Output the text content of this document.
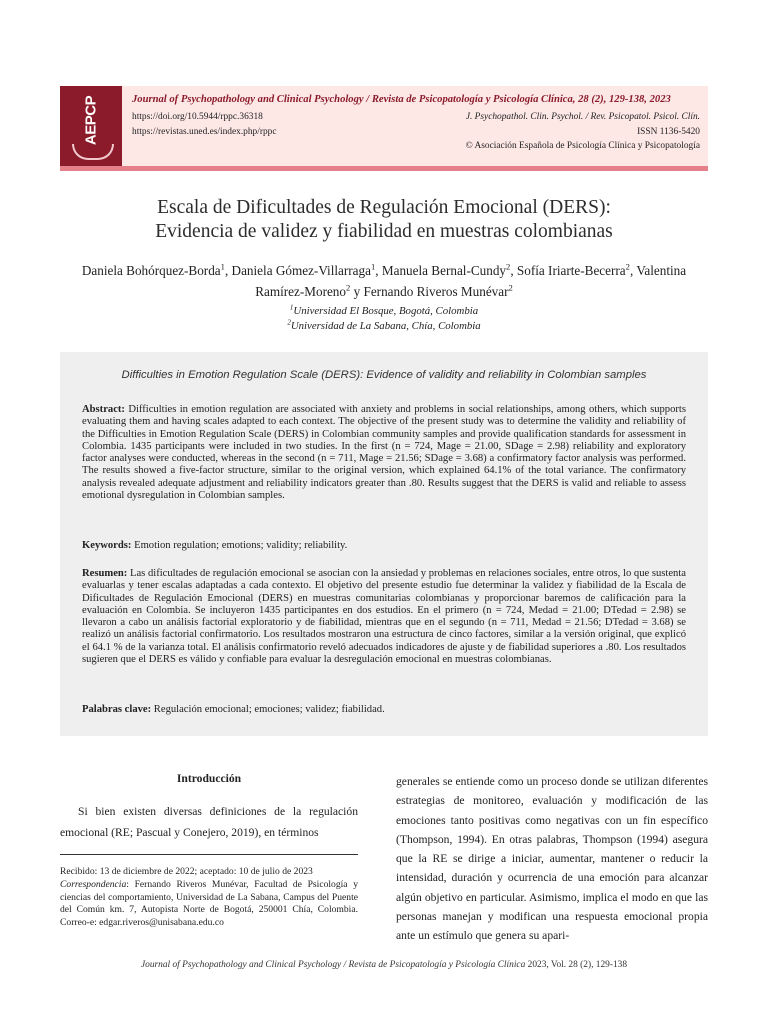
AEPCP	Journal of Psychopathology and Clinical Psychology / Revista de Psicopatología y Psicología Clínica, 28 (2), 129-138, 2023
https://doi.org/10.5944/rppc.36318
https://revistas.uned.es/index.php/rppc
J. Psychopathol. Clin. Psychol. / Rev. Psicopatol. Psicol. Clín.
ISSN 1136-5420
© Asociación Española de Psicología Clínica y Psicopatología
Escala de Dificultades de Regulación Emocional (DERS):
Evidencia de validez y fiabilidad en muestras colombianas
Daniela Bohórquez-Borda$^1$, Daniela Gómez-Villarraga$^1$, Manuela Bernal-Cundy$^2$, Sofía Iriarte-Becerra$^2$, Valentina Ramírez-Moreno$^2$ y Fernando Riveros Munévar$^2$
$^1$Universidad El Bosque, Bogotá, Colombia
$^2$Universidad de La Sabana, Chía, Colombia
Difficulties in Emotion Regulation Scale (DERS): Evidence of validity and reliability in Colombian samples
Abstract: Difficulties in emotion regulation are associated with anxiety and problems in social relationships, among others, which supports evaluating them and having scales adapted to each context. The objective of the present study was to determine the validity and reliability of the Difficulties in Emotion Regulation Scale (DERS) in Colombian community samples and provide qualification standards for assessment in Colombia. 1435 participants were included in two studies. In the first (n = 724, Mage = 21.00, SDage = 2.98) reliability and exploratory factor analyses were conducted, whereas in the second (n = 711, Mage = 21.56; SDage = 3.68) a confirmatory factor analysis was performed. The results showed a five-factor structure, similar to the original version, which explained 64.1% of the total variance. The confirmatory analysis revealed adequate adjustment and reliability indicators greater than .80. Results suggest that the DERS is valid and reliable to assess emotional dysregulation in Colombian samples.
Keywords: Emotion regulation; emotions; validity; reliability.
Resumen: Las dificultades de regulación emocional se asocian con la ansiedad y problemas en relaciones sociales, entre otros, lo que sustenta evaluarlas y tener escalas adaptadas a cada contexto. El objetivo del presente estudio fue determinar la validez y fiabilidad de la Escala de Dificultades de Regulación Emocional (DERS) en muestras comunitarias colombianas y proporcionar baremos de calificación para la evaluación en Colombia. Se incluyeron 1435 participantes en dos estudios. En el primero (n = 724, Medad = 21.00; DTedad = 2.98) se llevaron a cabo un análisis factorial exploratorio y de fiabilidad, mientras que en el segundo (n = 711, Medad = 21.56; DTedad = 3.68) se realizó un análisis factorial confirmatorio. Los resultados mostraron una estructura de cinco factores, similar a la versión original, que explicó el 64.1 % de la varianza total. El análisis confirmatorio reveló adecuados indicadores de ajuste y de fiabilidad superiores a .80. Los resultados sugieren que el DERS es válido y confiable para evaluar la desregulación emocional en muestras colombianas.
Palabras clave: Regulación emocional; emociones; validez; fiabilidad.
Introducción
Si bien existen diversas definiciones de la regulación emocional (RE; Pascual y Conejero, 2019), en términos
Recibido: 13 de diciembre de 2022; aceptado: 10 de julio de 2023
Correspondencia: Fernando Riveros Munévar, Facultad de Psicología y ciencias del comportamiento, Universidad de La Sabana, Campus del Puente del Común km. 7, Autopista Norte de Bogotá, 250001 Chía, Colombia. Correo-e: edgar.riveros@unisabana.edu.co
generales se entiende como un proceso donde se utilizan diferentes estrategias de monitoreo, evaluación y modificación de las emociones tanto positivas como negativas con un fin específico (Thompson, 1994). En otras palabras, Thompson (1994) asegura que la RE se dirige a iniciar, aumentar, mantener o reducir la intensidad, duración y ocurrencia de una emoción para alcanzar algún objetivo en particular. Asimismo, implica el modo en que las personas manejan y modifican una respuesta emocional propia ante un estímulo que genera su apari-
Journal of Psychopathology and Clinical Psychology / Revista de Psicopatología y Psicología Clínica 2023, Vol. 28 (2), 129-138
